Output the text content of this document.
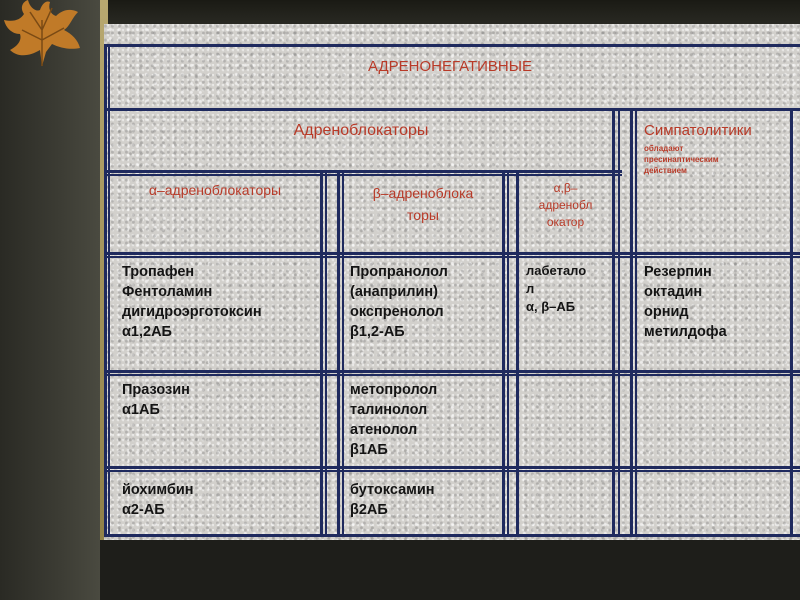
АДРЕНОНЕГАТИВНЫЕ
Адреноблокаторы	Симпатолитики
обладают
пресинаптическим
действием
α–адреноблокаторы	β–адреноблока
торы
α,β–
адренобл
окатор
Тропафен
Фентоламин
дигидроэрготоксин
α1,2АБ
Пропранолол
(анаприлин)
окспренолол
β1,2-АБ
лабетало
л
α, β–АБ
Резерпин
октадин
орнид
метилдофа
Празозин
α1АБ
метопролол
талинолол
атенолол
β1АБ
йохимбин
α2-АБ
бутоксамин
β2АБ
